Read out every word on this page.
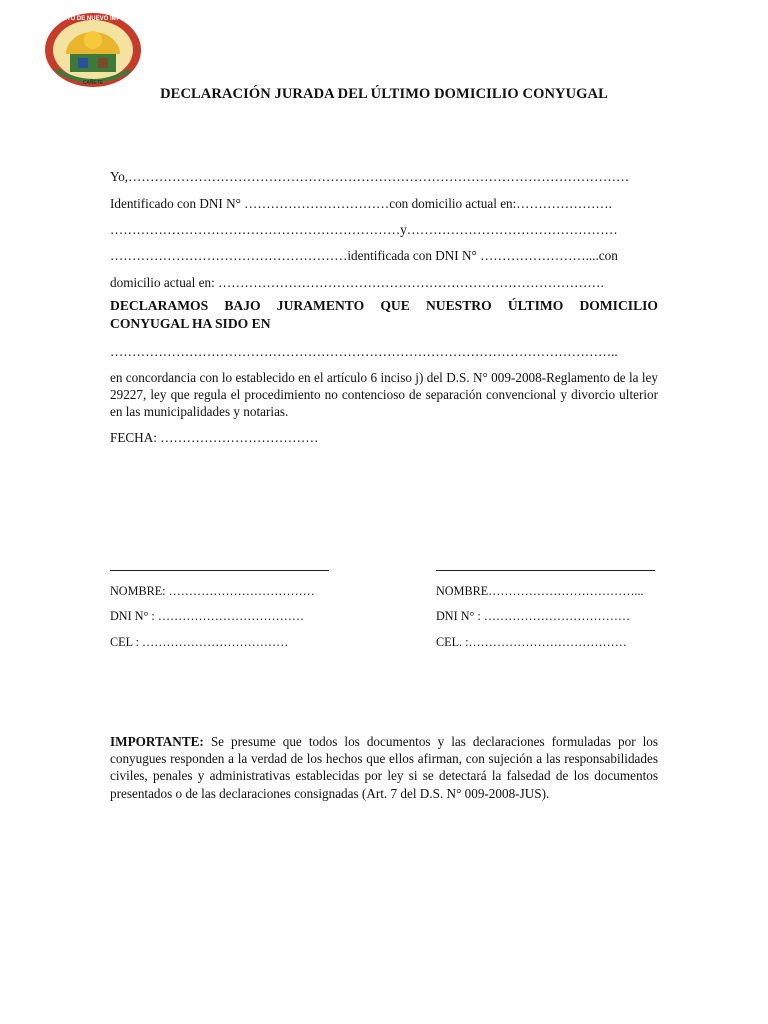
DISTRITO DE NUEVO IMPERIAL
CAÑETE
DECLARACIÓN JURADA DEL ÚLTIMO DOMICILIO CONYUGAL
Yo,……………………………………………………………………………………………………
Identificado con DNI N° ……………………………con domicilio actual en:………………….
…………………………………………………………y…………………………………………
………………………………………………identificada con DNI N° ……………………....con
domicilio actual en: …………………………………………………………………………….
DECLARAMOS BAJO JURAMENTO QUE NUESTRO ÚLTIMO DOMICILIO
CONYUGAL HA SIDO EN
……………………………………………………………………………………………………..
en concordancia con lo establecido en el artículo 6 inciso j) del D.S. N° 009-2008-Reglamento de la ley 29227, ley que regula el procedimiento no contencioso de separación convencional y divorcio ulterior en las municipalidades y notarias.
FECHA: ………………………………
NOMBRE: ………………………………
DNI N° : ………………………………
CEL : ………………………………
NOMBRE………………………………...
DNI N° : ………………………………
CEL. :…………………………………
IMPORTANTE: Se presume que todos los documentos y las declaraciones formuladas por los conyugues responden a la verdad de los hechos que ellos afirman, con sujeción a las responsabilidades civiles, penales y administrativas establecidas por ley si se detectará la falsedad de los documentos presentados o de las declaraciones consignadas (Art. 7 del D.S. N° 009-2008-JUS).
